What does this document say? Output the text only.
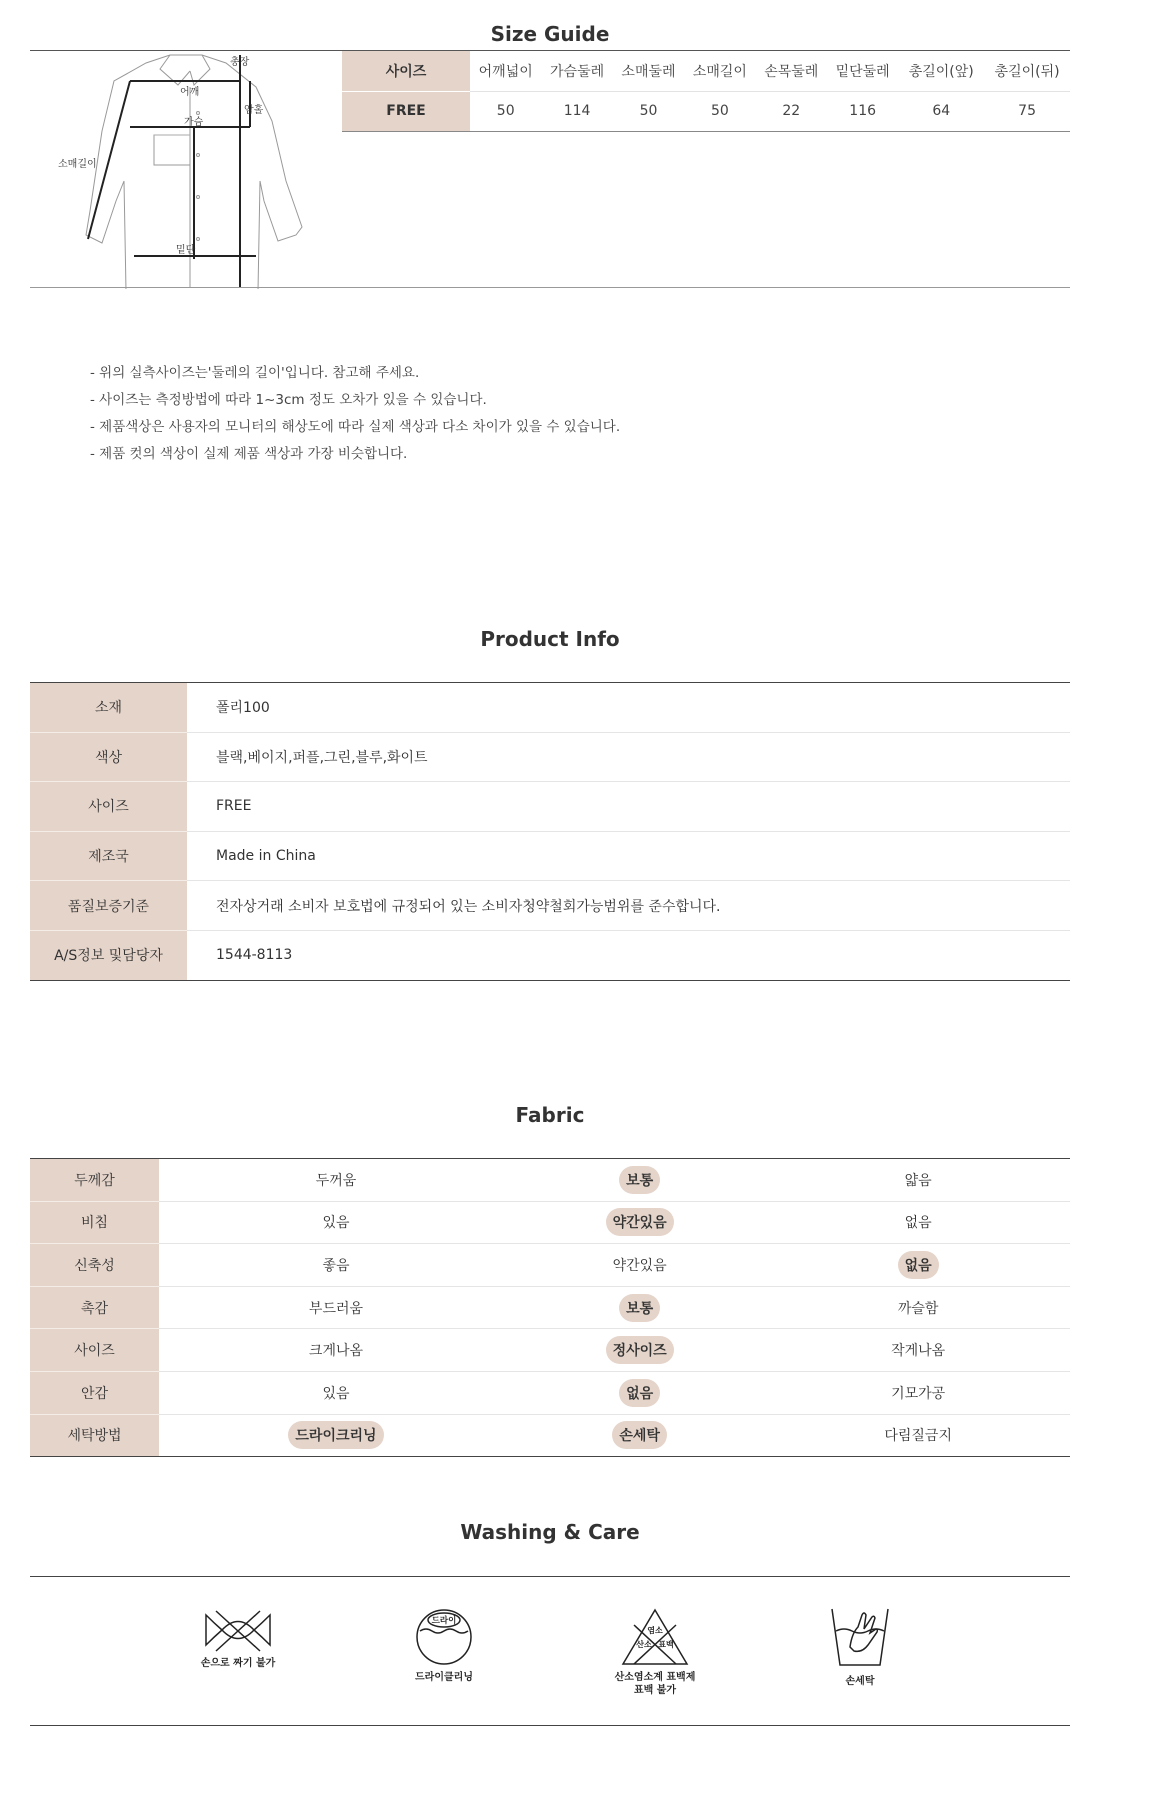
Size Guide
총장
어깨
가슴
암홀
소매길이
밑단
사이즈	어깨넓이	가슴둘레	소매둘레	소매길이	손목둘레	밑단둘레	총길이(앞)	총길이(뒤)
FREE	50	114	50	50	22	116	64	75
- 위의 실측사이즈는'둘레의 길이'입니다. 참고해 주세요.
- 사이즈는 측정방법에 따라 1~3cm 정도 오차가 있을 수 있습니다.
- 제품색상은 사용자의 모니터의 해상도에 따라 실제 색상과 다소 차이가 있을 수 있습니다.
- 제품 컷의 색상이 실제 제품 색상과 가장 비슷합니다.
Product Info
소재	폴리100
색상	블랙,베이지,퍼플,그린,블루,화이트
사이즈	FREE
제조국	Made in China
품질보증기준	전자상거래 소비자 보호법에 규정되어 있는 소비자청약철회가능범위를 준수합니다.
A/S정보 및담당자	1544-8113
Fabric
두께감	두꺼움	보통	얇음
비침	있음	약간있음	없음
신축성	좋음	약간있음	없음
촉감	부드러움	보통	까슬함
사이즈	크게나옴	정사이즈	작게나옴
안감	있음	없음	기모가공
세탁방법	드라이크리닝	손세탁	다림질금지
Washing & Care
손으로 짜기 불가
드라이
드라이클리닝
염소
산소 표백
산소염소계 표백제
표백 불가
손세탁
